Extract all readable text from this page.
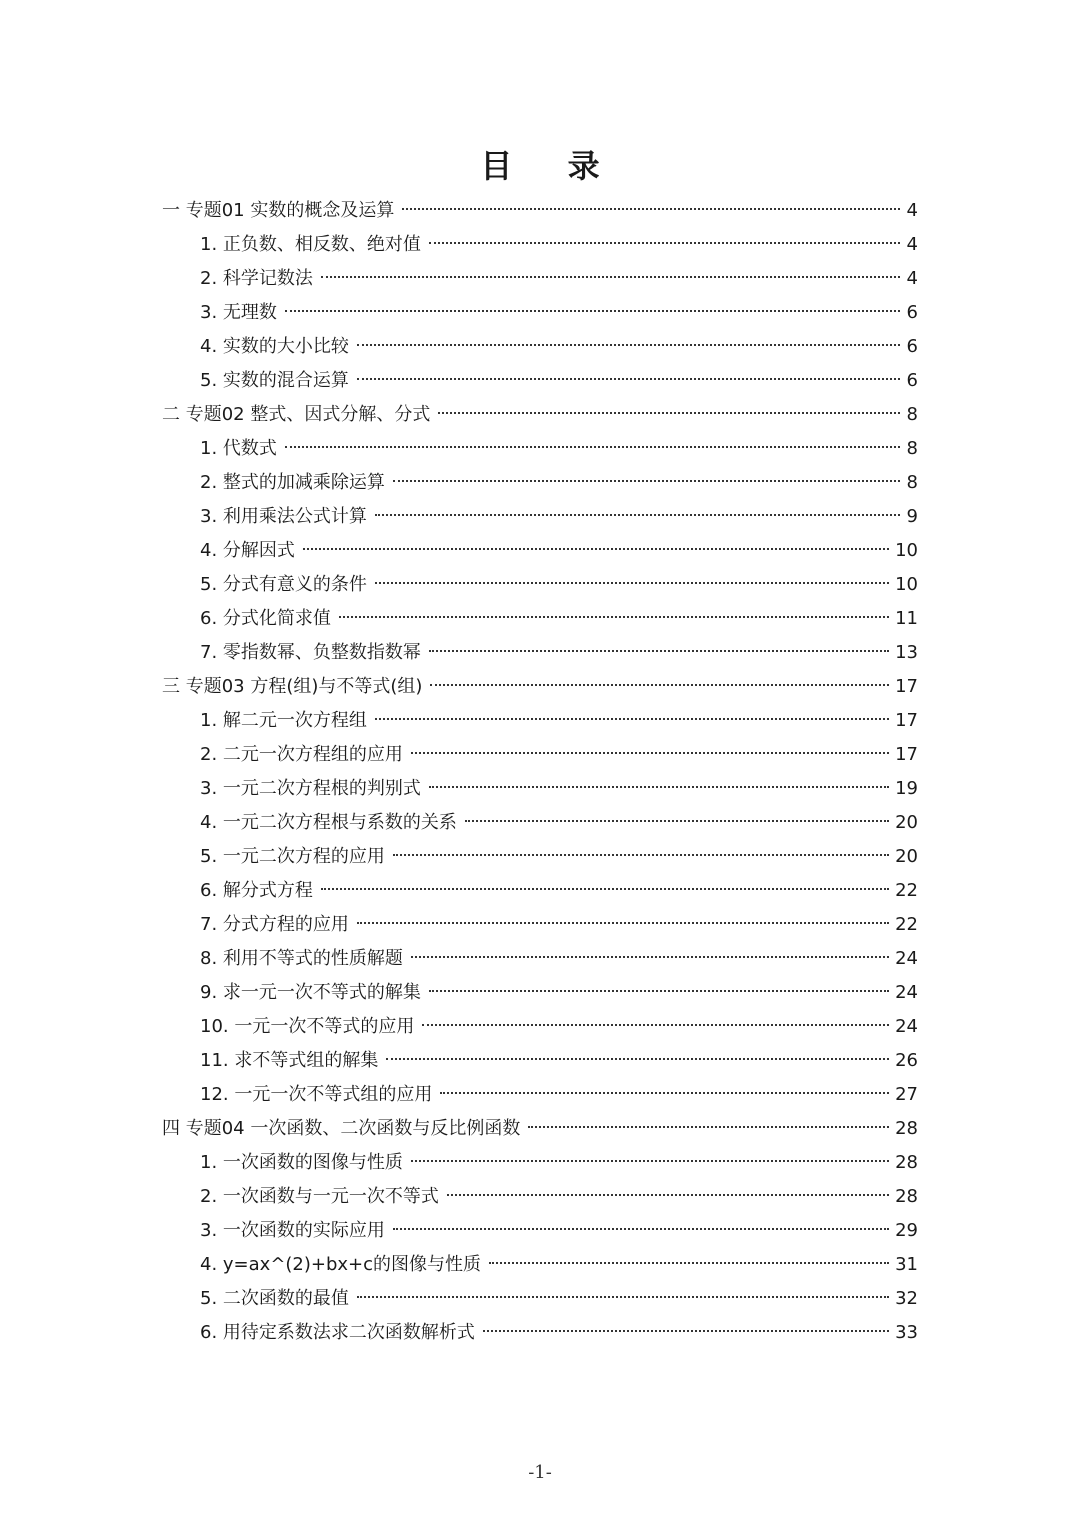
目 录
一 专题01 实数的概念及运算	4
1. 正负数、相反数、绝对值	4
2. 科学记数法	4
3. 无理数	6
4. 实数的大小比较	6
5. 实数的混合运算	6
二 专题02 整式、因式分解、分式	8
1. 代数式	8
2. 整式的加减乘除运算	8
3. 利用乘法公式计算	9
4. 分解因式	10
5. 分式有意义的条件	10
6. 分式化简求值	11
7. 零指数幂、负整数指数幂	13
三 专题03 方程(组)与不等式(组)	17
1. 解二元一次方程组	17
2. 二元一次方程组的应用	17
3. 一元二次方程根的判别式	19
4. 一元二次方程根与系数的关系	20
5. 一元二次方程的应用	20
6. 解分式方程	22
7. 分式方程的应用	22
8. 利用不等式的性质解题	24
9. 求一元一次不等式的解集	24
10. 一元一次不等式的应用	24
11. 求不等式组的解集	26
12. 一元一次不等式组的应用	27
四 专题04 一次函数、二次函数与反比例函数	28
1. 一次函数的图像与性质	28
2. 一次函数与一元一次不等式	28
3. 一次函数的实际应用	29
4. y=ax^(2)+bx+c的图像与性质	31
5. 二次函数的最值	32
6. 用待定系数法求二次函数解析式	33
-1-
